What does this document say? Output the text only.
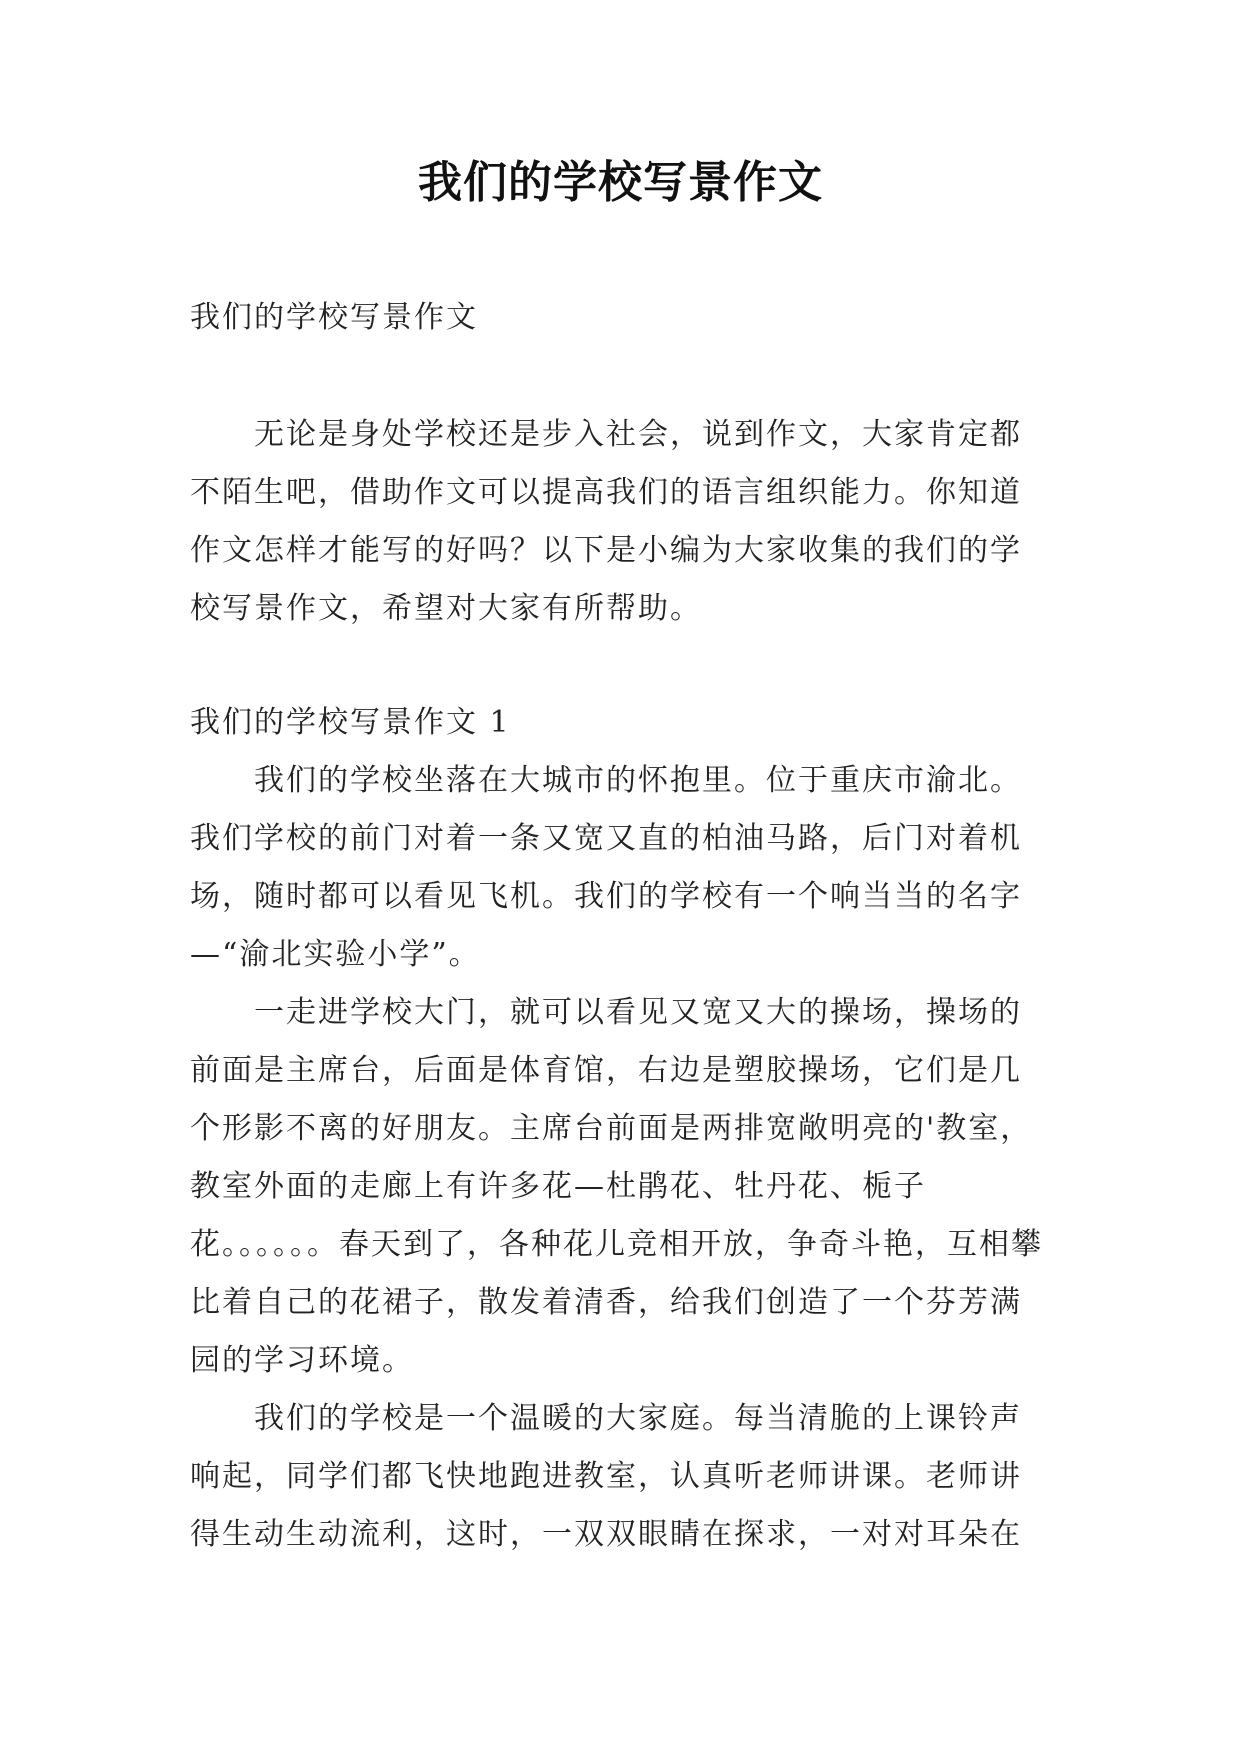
我们的学校写景作文

我们的学校写景作文

无论是身处学校还是步入社会，说到作文，大家肯定都不陌生吧，借助作文可以提高我们的语言组织能力。你知道作文怎样才能写的好吗？以下是小编为大家收集的我们的学校写景作文，希望对大家有所帮助。

我们的学校写景作文 1

我们的学校坐落在大城市的怀抱里。位于重庆市渝北。我们学校的前门对着一条又宽又直的柏油马路，后门对着机场，随时都可以看见飞机。我们的学校有一个响当当的名字—“渝北实验小学”。

一走进学校大门，就可以看见又宽又大的操场，操场的前面是主席台，后面是体育馆，右边是塑胶操场，它们是几个形影不离的好朋友。主席台前面是两排宽敞明亮的'教室，教室外面的走廊上有许多花—杜鹃花、牡丹花、栀子花。。。。。。春天到了，各种花儿竞相开放，争奇斗艳，互相攀比着自己的花裙子，散发着清香，给我们创造了一个芬芳满园的学习环境。

我们的学校是一个温暖的大家庭。每当清脆的上课铃声响起，同学们都飞快地跑进教室，认真听老师讲课。老师讲得生动生动流利，这时，一双双眼睛在探求，一对对耳朵在
